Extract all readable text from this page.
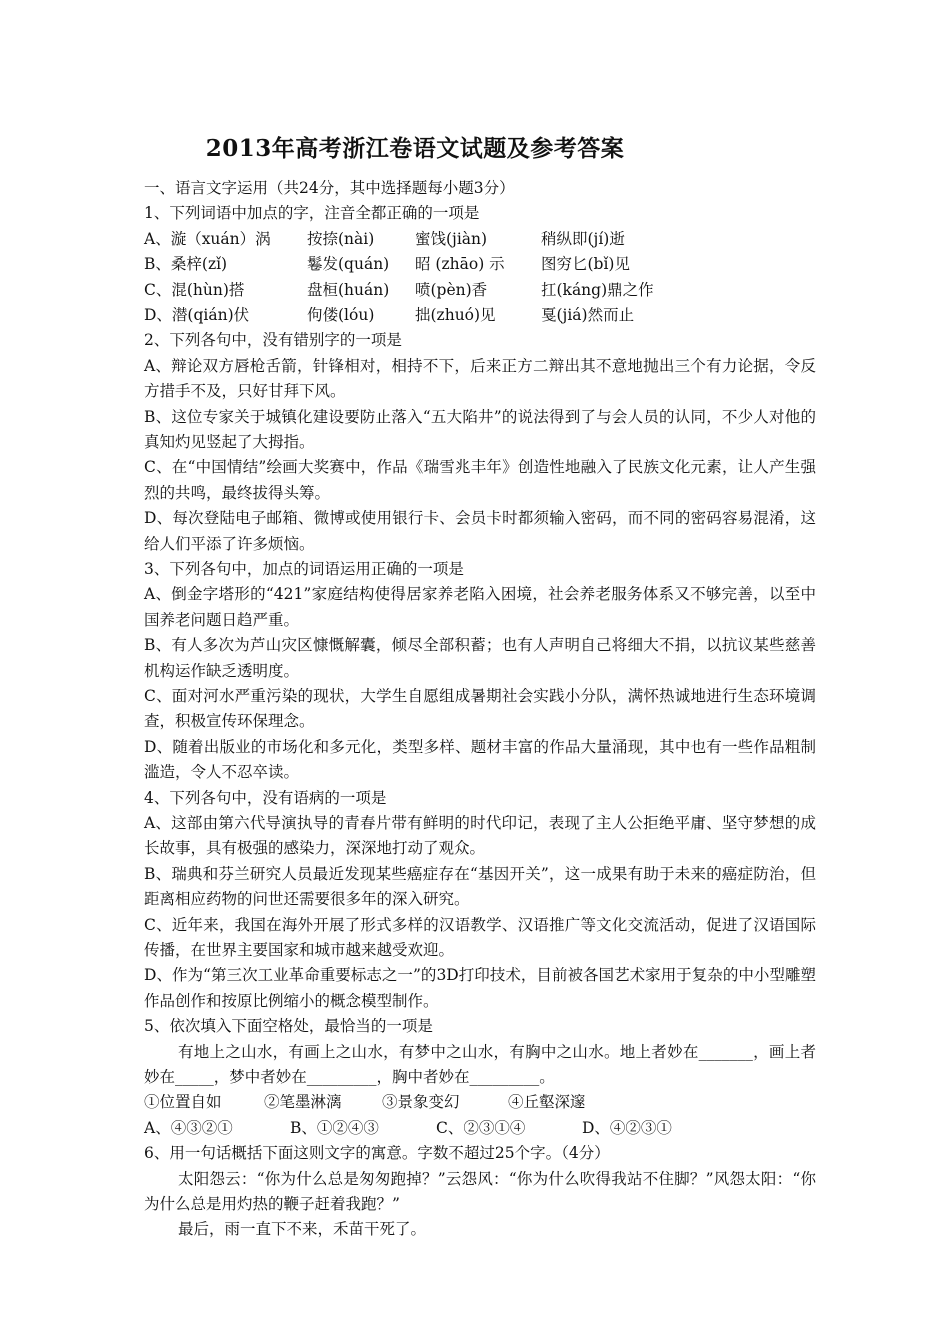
2013年高考浙江卷语文试题及参考答案
一、语言文字运用（共24分，其中选择题每小题3分）
1、下列词语中加点的字，注音全都正确的一项是
A、漩（xuán）涡	按捺(nài)	蜜饯(jiàn)	稍纵即(jí)逝
B、桑梓(zǐ)	鬈发(quán)	昭 (zhāo) 示	图穷匕(bǐ)见
C、混(hùn)搭	盘桓(huán)	喷(pèn)香	扛(káng)鼎之作
D、潜(qián)伏	佝偻(lóu)	拙(zhuó)见	戛(jiá)然而止
2、下列各句中，没有错别字的一项是
A、辩论双方唇枪舌箭，针锋相对，相持不下，后来正方二辩出其不意地抛出三个有力论据，令反方措手不及，只好甘拜下风。
B、这位专家关于城镇化建设要防止落入“五大陷井”的说法得到了与会人员的认同，不少人对他的真知灼见竖起了大拇指。
C、在“中国情结”绘画大奖赛中，作品《瑞雪兆丰年》创造性地融入了民族文化元素，让人产生强烈的共鸣，最终拔得头筹。
D、每次登陆电子邮箱、微博或使用银行卡、会员卡时都须输入密码，而不同的密码容易混淆，这给人们平添了许多烦恼。
3、下列各句中，加点的词语运用正确的一项是
A、倒金字塔形的“421”家庭结构使得居家养老陷入困境，社会养老服务体系又不够完善，以至中国养老问题日趋严重。
B、有人多次为芦山灾区慷慨解囊，倾尽全部积蓄；也有人声明自己将细大不捐，以抗议某些慈善机构运作缺乏透明度。
C、面对河水严重污染的现状，大学生自愿组成暑期社会实践小分队，满怀热诚地进行生态环境调查，积极宣传环保理念。
D、随着出版业的市场化和多元化，类型多样、题材丰富的作品大量涌现，其中也有一些作品粗制滥造，令人不忍卒读。
4、下列各句中，没有语病的一项是
A、这部由第六代导演执导的青春片带有鲜明的时代印记，表现了主人公拒绝平庸、坚守梦想的成长故事，具有极强的感染力，深深地打动了观众。
B、瑞典和芬兰研究人员最近发现某些癌症存在“基因开关”，这一成果有助于未来的癌症防治，但距离相应药物的问世还需要很多年的深入研究。
C、近年来，我国在海外开展了形式多样的汉语教学、汉语推广等文化交流活动，促进了汉语国际传播，在世界主要国家和城市越来越受欢迎。
D、作为“第三次工业革命重要标志之一”的3D打印技术，目前被各国艺术家用于复杂的中小型雕塑作品创作和按原比例缩小的概念模型制作。
5、依次填入下面空格处，最恰当的一项是
有地上之山水，有画上之山水，有梦中之山水，有胸中之山水。地上者妙在_______，画上者妙在_____，梦中者妙在_________，胸中者妙在_________。
①位置自如	②笔墨淋漓	③景象变幻	④丘壑深邃
A、④③②①	B、①②④③	C、②③①④	D、④②③①
6、用一句话概括下面这则文字的寓意。字数不超过25个字。（4分）
太阳怨云：“你为什么总是匆匆跑掉？”云怨风：“你为什么吹得我站不住脚？”风怨太阳：“你为什么总是用灼热的鞭子赶着我跑？”
最后，雨一直下不来，禾苗干死了。
